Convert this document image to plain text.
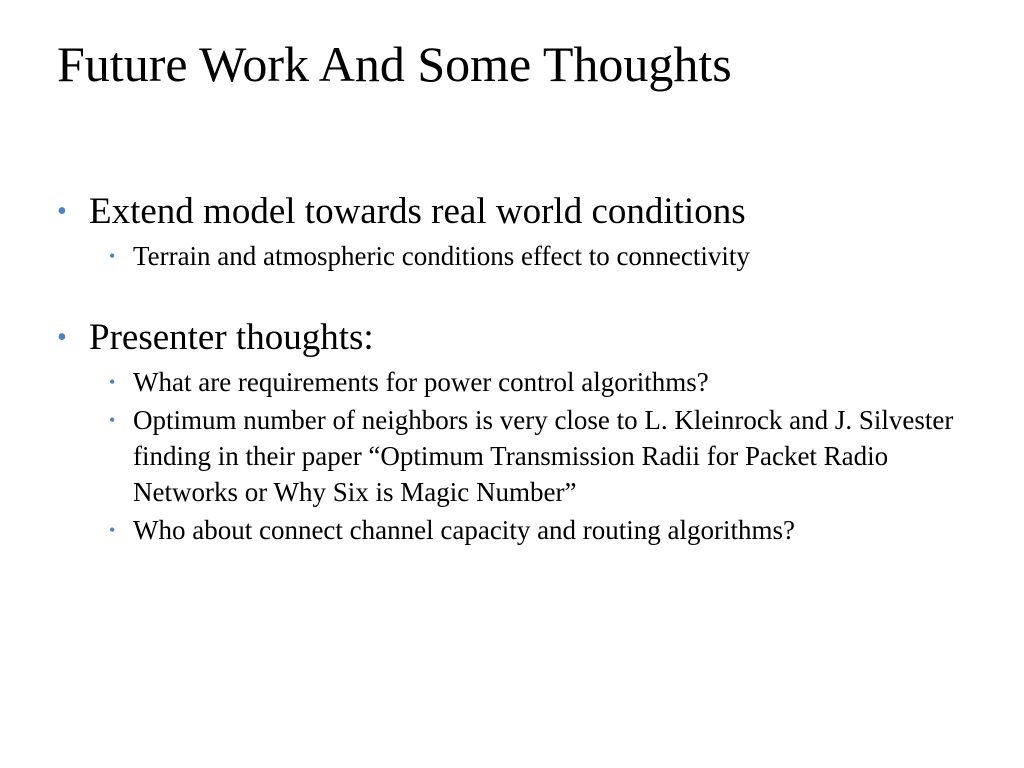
Future Work And Some Thoughts
• Extend model towards real world conditions
• Terrain and atmospheric conditions effect to connectivity
• Presenter thoughts:
• What are requirements for power control algorithms?
• Optimum number of neighbors is very close to L. Kleinrock and J. Silvester finding in their paper “Optimum Transmission Radii for Packet Radio Networks or Why Six is Magic Number”
• Who about connect channel capacity and routing algorithms?
